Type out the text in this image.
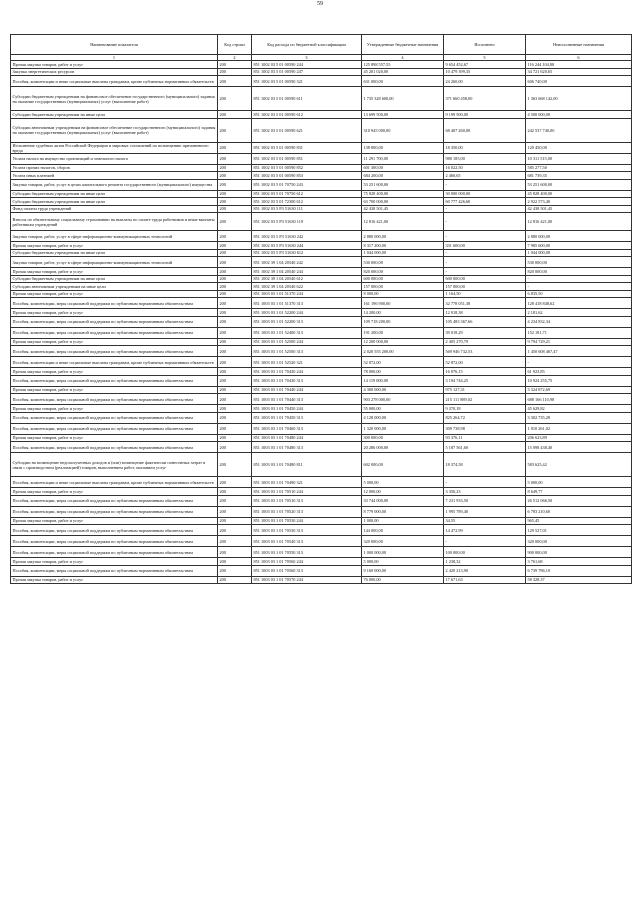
59
Наименование показателя	Код строки	Код расхода по бюджетной классификации	Утвержденные бюджетные назначения	Исполнено	Неисполненные назначения
1	2	3	4	5	6
Прочая закупка товаров, работ и услуг	200	851 1002 03 5 01 00590 244	125 898 557,55	9 654 452,67	116 244 104,88
Закупка энергетических ресурсов	200	851 1002 03 5 01 00590 247	45 201 020,00	10 479 399,35	34 721 620,65
Пособия, компенсации и иные социальные выплаты гражданам, кроме публичных нормативных обязательств	200	851 1002 03 5 01 00590 321	631 000,00	24 260,00	606 740,00
Субсидии бюджетным учреждениям на финансовое обеспечение государственного (муниципального) задания на оказание государственных (муниципальных) услуг (выполнение работ)	200	851 1002 03 5 01 00590 611	1 735 328 600,00	371 660 458,00	1 363 668 142,00
Субсидии бюджетным учреждениям на иные цели	200	851 1002 03 5 01 00590 612	13 699 500,00	9 199 500,00	4 500 000,00
Субсидии автономным учреждениям на финансовое обеспечение государственного (муниципального) задания на оказание государственных (муниципальных) услуг (выполнение работ)	200	851 1002 03 5 01 00590 621	310 945 000,00	68 407 260,00	242 537 740,00
Исполнение судебных актов Российской Федерации и мировых соглашений по возмещению причиненного вреда	200	851 1002 03 5 01 00590 831	138 800,00	18 350,00	120 450,00
Уплата налога на имущество организаций и земельного налога	200	851 1002 03 5 01 00590 851	11 291 700,00	980 185,00	10 311 515,00
Уплата прочих налогов, сборов	200	851 1002 03 5 01 00590 852	601 300,00	16 022,50	585 277,50
Уплата иных платежей	200	851 1002 03 5 01 00590 853	684 200,00	2 460,65	681 739,35
Закупка товаров, работ, услуг в целях капитального ремонта государственного (муниципального) имущества	200	851 1002 03 5 01 70750 243	53 251 600,00	-	53 251 600,00
Субсидии бюджетным учреждениям на иные цели	200	851 1002 03 5 01 70750 612	75 828 400,00	30 000 000,00	45 828 400,00
Субсидии бюджетным учреждениям на иные цели	200	851 1002 03 5 01 72300 612	63 700 000,00	60 777 426,60	2 922 573,40
Фонд оплаты труда учреждений	200	851 1002 03 5 P3 51630 111	42 438 501,45	-	42 438 501,45
Взносы по обязательному социальному страхованию на выплаты по оплате труда работников и иные выплаты работникам учреждений	200	851 1002 03 5 P3 51630 119	12 816 421,00	-	12 816 421,00
Закупка товаров, работ, услуг в сфере информационно-коммуникационных технологий	200	851 1002 03 5 P3 51630 242	2 880 000,00	-	2 880 000,00
Прочая закупка товаров, работ и услуг	200	851 1002 03 5 P3 51630 244	8 317 200,00	331 600,00	7 985 600,00
Субсидии бюджетным учреждениям на иные цели	200	851 1002 03 5 P3 51630 612	1 044 000,00	-	1 044 000,00
Закупка товаров, работ, услуг в сфере информационно-коммуникационных технологий	200	851 1002 39 1 04 20540 242	530 000,00	-	530 000,00
Прочая закупка товаров, работ и услуг	200	851 1002 39 1 04 20540 244	820 000,00	-	820 000,00
Субсидии бюджетным учреждениям на иные цели	200	851 1002 39 1 04 20540 612	600 000,00	600 000,00	-
Субсидии автономным учреждениям на иные цели	200	851 1002 39 1 04 20540 622	157 000,00	157 000,00	-
Прочая закупка товаров, работ и услуг	200	851 1003 03 1 01 51370 244	8 000,00	1 164,50	6 835,50
Пособия, компенсации, меры социальной поддержки по публичным нормативным обязательствам	200	851 1003 03 1 01 51370 313	161 196 900,00	32 778 051,38	128 418 848,62
Прочая закупка товаров, работ и услуг	200	851 1003 03 1 01 52200 244	14 200,00	12 018,38	2 181,62
Пособия, компенсации, меры социальной поддержки по публичным нормативным обязательствам	200	851 1003 03 1 01 52200 313	109 718 200,00	105 483 367,66	4 234 832,34
Пособия, компенсации, меры социальной поддержки по публичным нормативным обязательствам	200	851 1003 03 1 01 52400 313	191 200,00	39 018,29	152 181,71
Прочая закупка товаров, работ и услуг	200	851 1003 03 1 01 52500 244	12 200 000,00	2 405 270,79	9 794 729,21
Пособия, компенсации, меры социальной поддержки по публичным нормативным обязательствам	200	851 1003 03 1 01 52500 313	2 020 555 200,00	569 946 732,53	1 450 608 467,47
Пособия, компенсации и иные социальные выплаты гражданам, кроме публичных нормативных обязательств	200	851 1003 03 1 01 52520 321	52 872,00	52 872,00	-
Прочая закупка товаров, работ и услуг	200	851 1003 03 1 01 70430 244	78 000,00	16 076,15	61 923,85
Пособия, компенсации, меры социальной поддержки по публичным нормативным обязательствам	200	851 1003 03 1 01 70430 313	14 119 000,00	3 194 744,25	10 924 255,75
Прочая закупка товаров, работ и услуг	200	851 1003 03 1 01 70440 244	4 300 000,00	975 127,31	3 324 872,69
Пособия, компенсации, меры социальной поддержки по публичным нормативным обязательствам	200	851 1003 03 1 01 70440 313	903 278 000,00	215 111 889,02	688 166 110,98
Прочая закупка товаров, работ и услуг	200	851 1003 03 1 01 70450 244	55 000,00	9 370,18	45 629,82
Пособия, компенсации, меры социальной поддержки по публичным нормативным обязательствам	200	851 1003 03 1 01 70450 313	4 128 000,00	825 264,72	3 302 735,28
Пособия, компенсации, меры социальной поддержки по публичным нормативным обязательствам	200	851 1003 03 1 01 70460 313	1 320 000,00	309 738,98	1 010 261,02
Прочая закупка товаров, работ и услуг	200	851 1003 03 1 01 70480 244	300 000,00	93 376,11	206 623,89
Пособия, компенсации, меры социальной поддержки по публичным нормативным обязательствам	200	851 1003 03 1 01 70480 313	20 286 000,00	5 187 561,60	15 098 438,40
Субсидии на возмещение недополученных доходов и (или) возмещение фактически понесенных затрат в связи с производством (реализацией) товаров, выполнением работ, оказанием услуг	200	851 1003 03 1 01 70480 811	602 000,00	18 374,58	583 625,42
Пособия, компенсации и иные социальные выплаты гражданам, кроме публичных нормативных обязательств	200	851 1003 03 1 01 70490 321	5 000,00	-	5 000,00
Прочая закупка товаров, работ и услуг	200	851 1003 03 1 01 70510 244	12 000,00	3 350,23	8 649,77
Пособия, компенсации, меры социальной поддержки по публичным нормативным обязательствам	200	851 1003 03 1 01 70510 313	33 744 000,00	7 231 933,50	26 512 066,50
Пособия, компенсации, меры социальной поддержки по публичным нормативным обязательствам	200	851 1003 03 1 01 70520 313	8 779 000,00	1 995 789,40	6 783 210,60
Прочая закупка товаров, работ и услуг	200	851 1003 03 1 01 70530 244	1 000,00	34,55	965,45
Пособия, компенсации, меры социальной поддержки по публичным нормативным обязательствам	200	851 1003 03 1 01 70530 313	144 000,00	14 472,99	129 527,01
Пособия, компенсации, меры социальной поддержки по публичным нормативным обязательствам	200	851 1003 03 1 01 70540 313	320 000,00	-	320 000,00
Пособия, компенсации, меры социальной поддержки по публичным нормативным обязательствам	200	851 1003 03 1 01 70550 313	1 000 000,00	100 000,00	900 000,00
Прочая закупка товаров, работ и услуг	200	851 1003 03 1 01 70560 244	5 000,00	1 238,32	3 761,68
Пособия, компенсации, меры социальной поддержки по публичным нормативным обязательствам	200	851 1003 03 1 01 70560 313	9 160 000,00	2 420 213,90	6 739 786,10
Прочая закупка товаров, работ и услуг	200	851 1003 03 1 01 70570 244	76 000,00	17 671,63	58 328,37
